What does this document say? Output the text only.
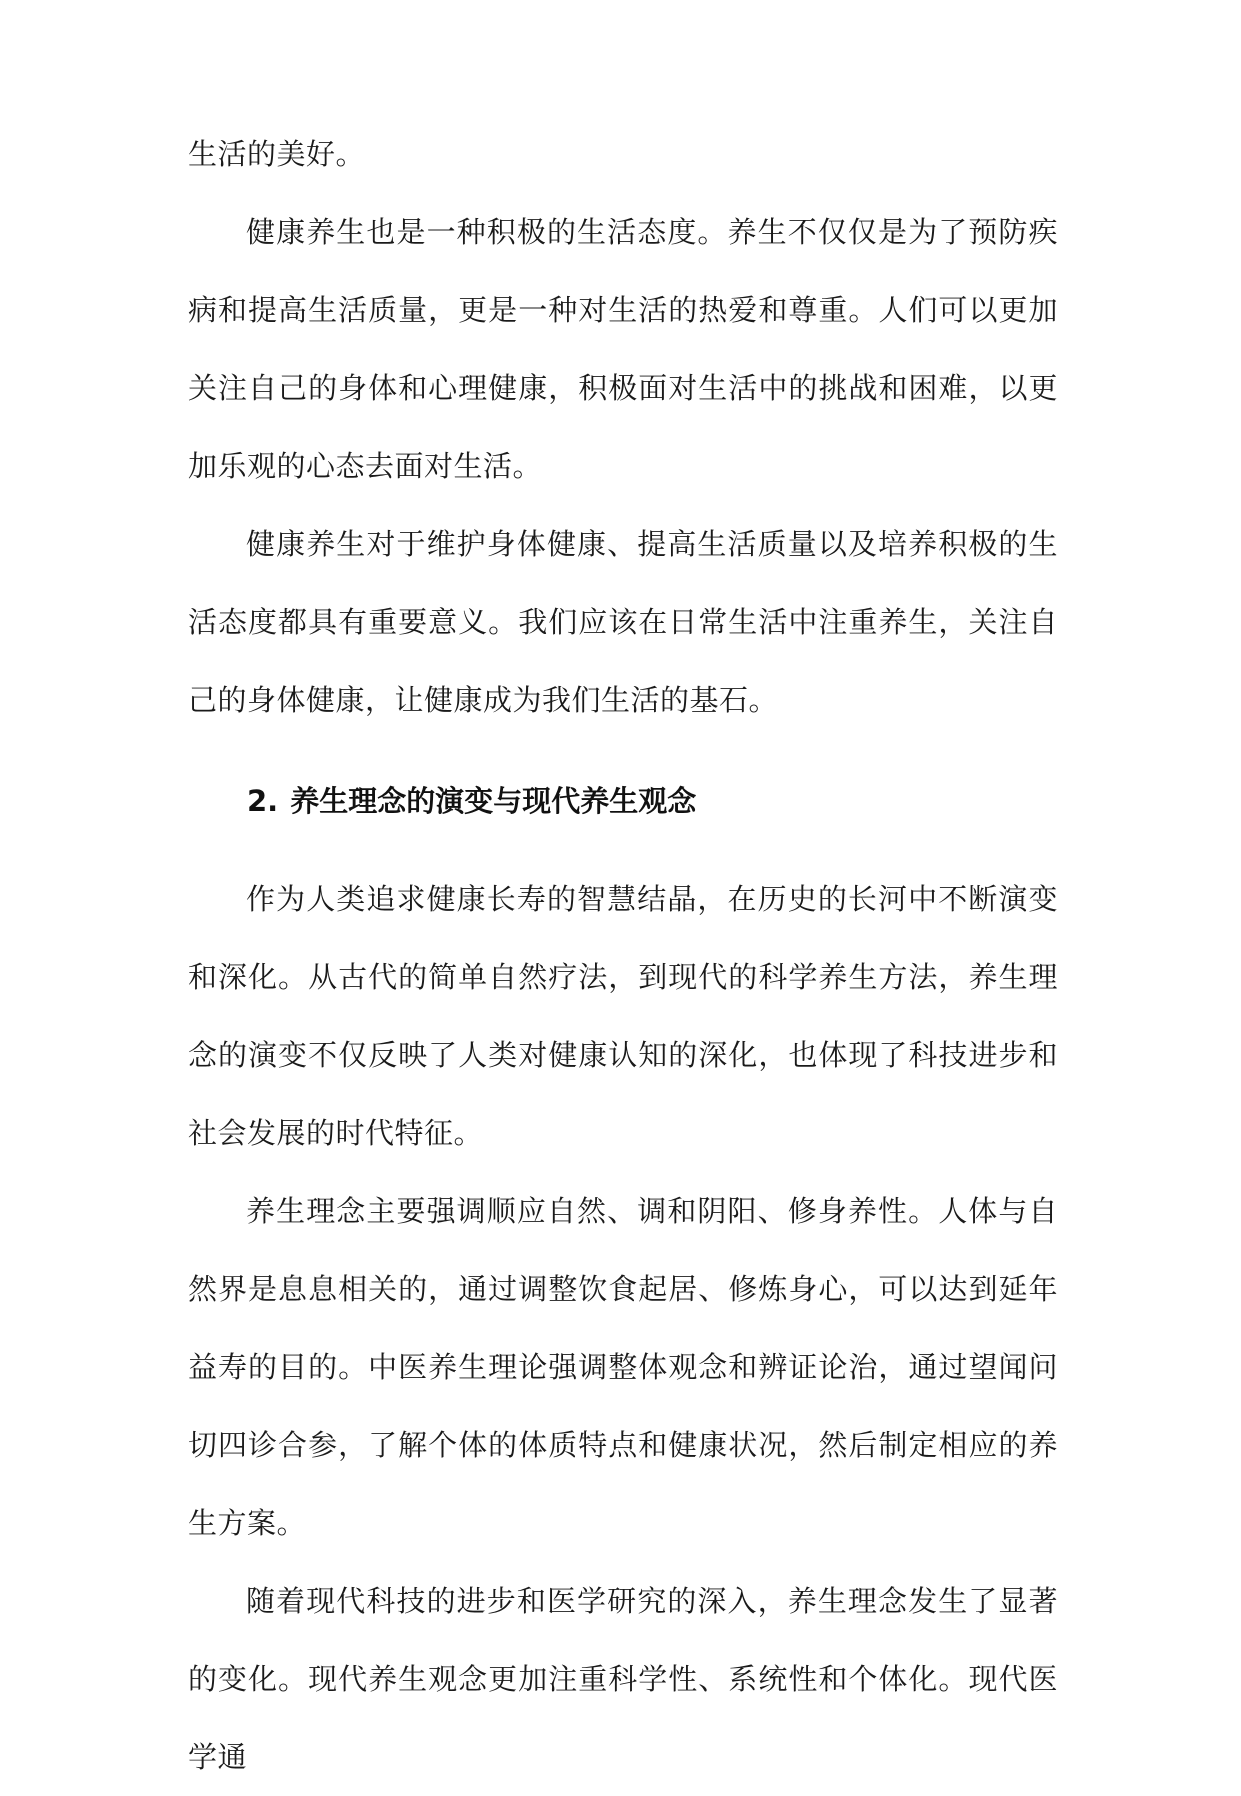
生活的美好。

健康养生也是一种积极的生活态度。养生不仅仅是为了预防疾病和提高生活质量，更是一种对生活的热爱和尊重。人们可以更加关注自己的身体和心理健康，积极面对生活中的挑战和困难，以更加乐观的心态去面对生活。

健康养生对于维护身体健康、提高生活质量以及培养积极的生活态度都具有重要意义。我们应该在日常生活中注重养生，关注自己的身体健康，让健康成为我们生活的基石。

2. 养生理念的演变与现代养生观念

作为人类追求健康长寿的智慧结晶，在历史的长河中不断演变和深化。从古代的简单自然疗法，到现代的科学养生方法，养生理念的演变不仅反映了人类对健康认知的深化，也体现了科技进步和社会发展的时代特征。

养生理念主要强调顺应自然、调和阴阳、修身养性。人体与自然界是息息相关的，通过调整饮食起居、修炼身心，可以达到延年益寿的目的。中医养生理论强调整体观念和辨证论治，通过望闻问切四诊合参，了解个体的体质特点和健康状况，然后制定相应的养生方案。

随着现代科技的进步和医学研究的深入，养生理念发生了显著的变化。现代养生观念更加注重科学性、系统性和个体化。现代医学通
